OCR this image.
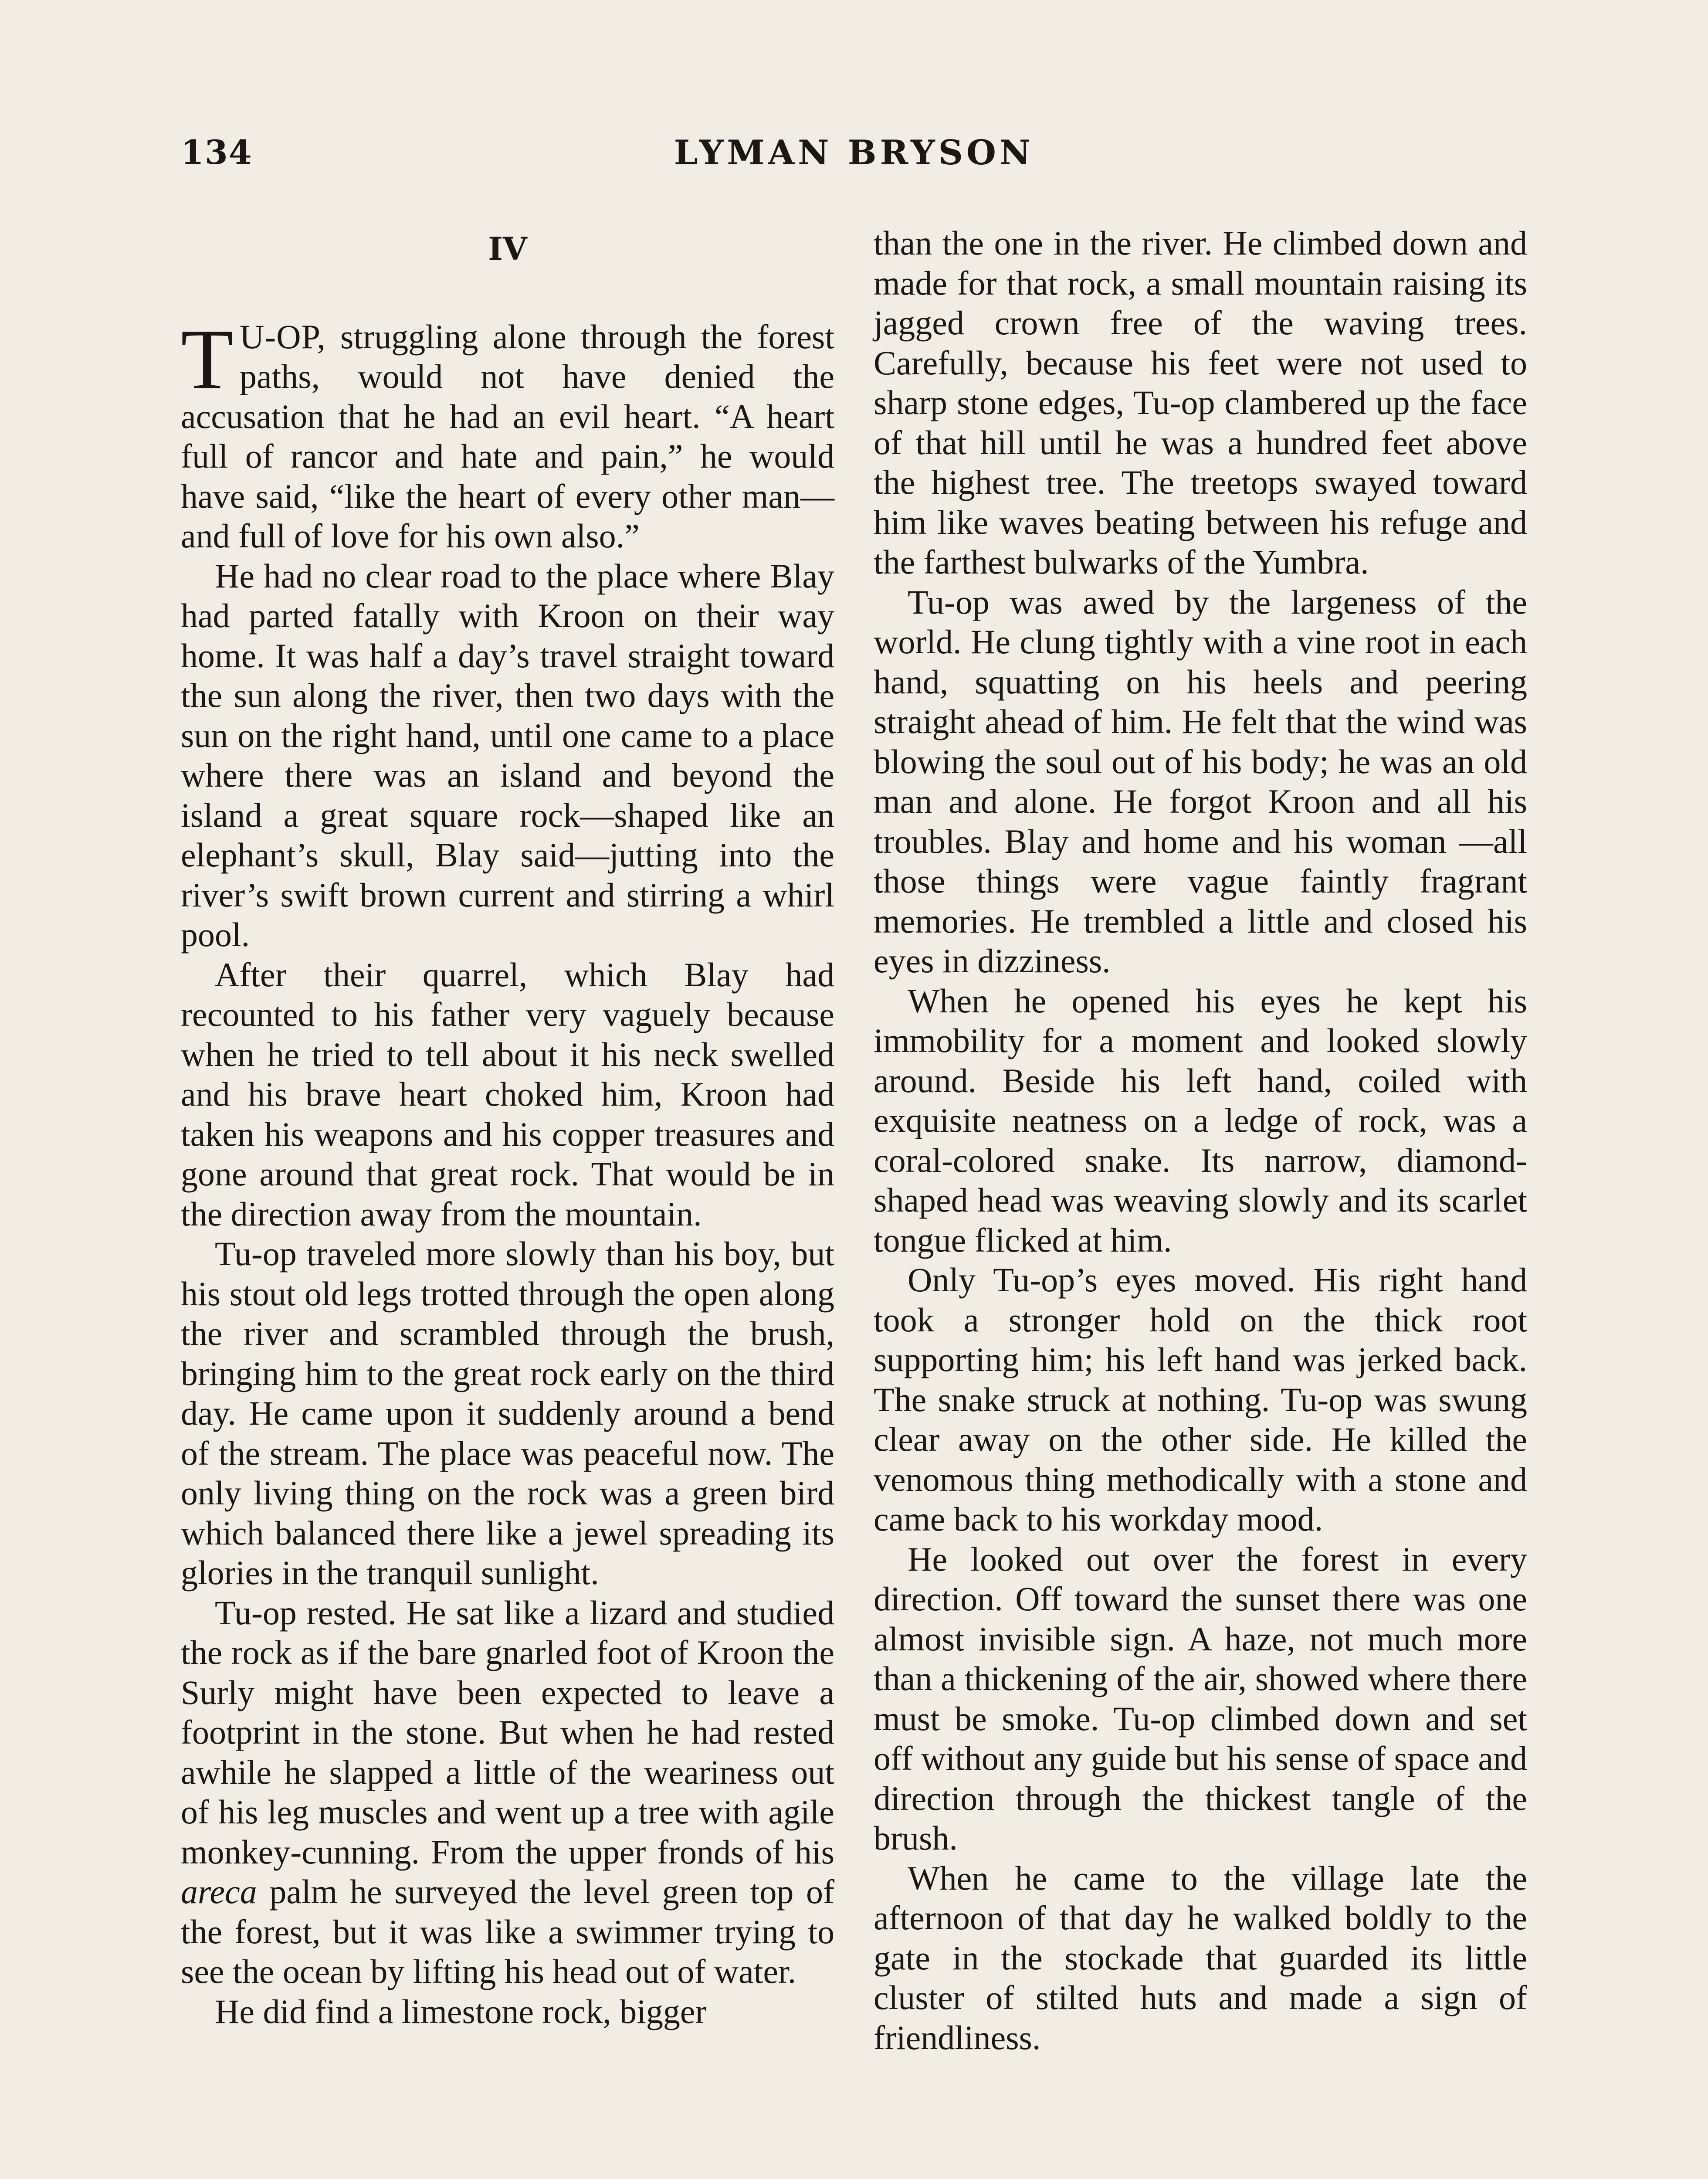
134	LYMAN BRYSON
IV

T U-OP, struggling alone through the forest paths, would not have denied the accusation that he had an evil heart. “A heart full of rancor and hate and pain,” he would have said, “like the heart of every other man—and full of love for his own also.”

He had no clear road to the place where Blay had parted fatally with Kroon on their way home. It was half a day’s travel straight toward the sun along the river, then two days with the sun on the right hand, until one came to a place where there was an island and beyond the island a great square rock—shaped like an elephant’s skull, Blay said—jutting into the river’s swift brown current and stirring a whirl pool.

After their quarrel, which Blay had recounted to his father very vaguely because when he tried to tell about it his neck swelled and his brave heart choked him, Kroon had taken his weapons and his copper treasures and gone around that great rock. That would be in the direction away from the mountain.

Tu-op traveled more slowly than his boy, but his stout old legs trotted through the open along the river and scrambled through the brush, bringing him to the great rock early on the third day. He came upon it suddenly around a bend of the stream. The place was peaceful now. The only living thing on the rock was a green bird which balanced there like a jewel spreading its glories in the tranquil sunlight.

Tu-op rested. He sat like a lizard and studied the rock as if the bare gnarled foot of Kroon the Surly might have been expected to leave a footprint in the stone. But when he had rested awhile he slapped a little of the weariness out of his leg muscles and went up a tree with agile monkey-cunning. From the upper fronds of his areca palm he surveyed the level green top of the forest, but it was like a swimmer trying to see the ocean by lifting his head out of water.

He did find a limestone rock, bigger

than the one in the river. He climbed down and made for that rock, a small mountain raising its jagged crown free of the waving trees. Carefully, because his feet were not used to sharp stone edges, Tu-op clambered up the face of that hill until he was a hundred feet above the highest tree. The treetops swayed toward him like waves beating between his refuge and the farthest bulwarks of the Yumbra.

Tu-op was awed by the largeness of the world. He clung tightly with a vine root in each hand, squatting on his heels and peering straight ahead of him. He felt that the wind was blowing the soul out of his body; he was an old man and alone. He forgot Kroon and all his troubles. Blay and home and his woman —all those things were vague faintly fragrant memories. He trembled a little and closed his eyes in dizziness.

When he opened his eyes he kept his immobility for a moment and looked slowly around. Beside his left hand, coiled with exquisite neatness on a ledge of rock, was a coral-colored snake. Its narrow, diamond-shaped head was weaving slowly and its scarlet tongue flicked at him.

Only Tu-op’s eyes moved. His right hand took a stronger hold on the thick root supporting him; his left hand was jerked back. The snake struck at nothing. Tu-op was swung clear away on the other side. He killed the venomous thing methodically with a stone and came back to his workday mood.

He looked out over the forest in every direction. Off toward the sunset there was one almost invisible sign. A haze, not much more than a thickening of the air, showed where there must be smoke. Tu-op climbed down and set off without any guide but his sense of space and direction through the thickest tangle of the brush.

When he came to the village late the afternoon of that day he walked boldly to the gate in the stockade that guarded its little cluster of stilted huts and made a sign of friendliness.
